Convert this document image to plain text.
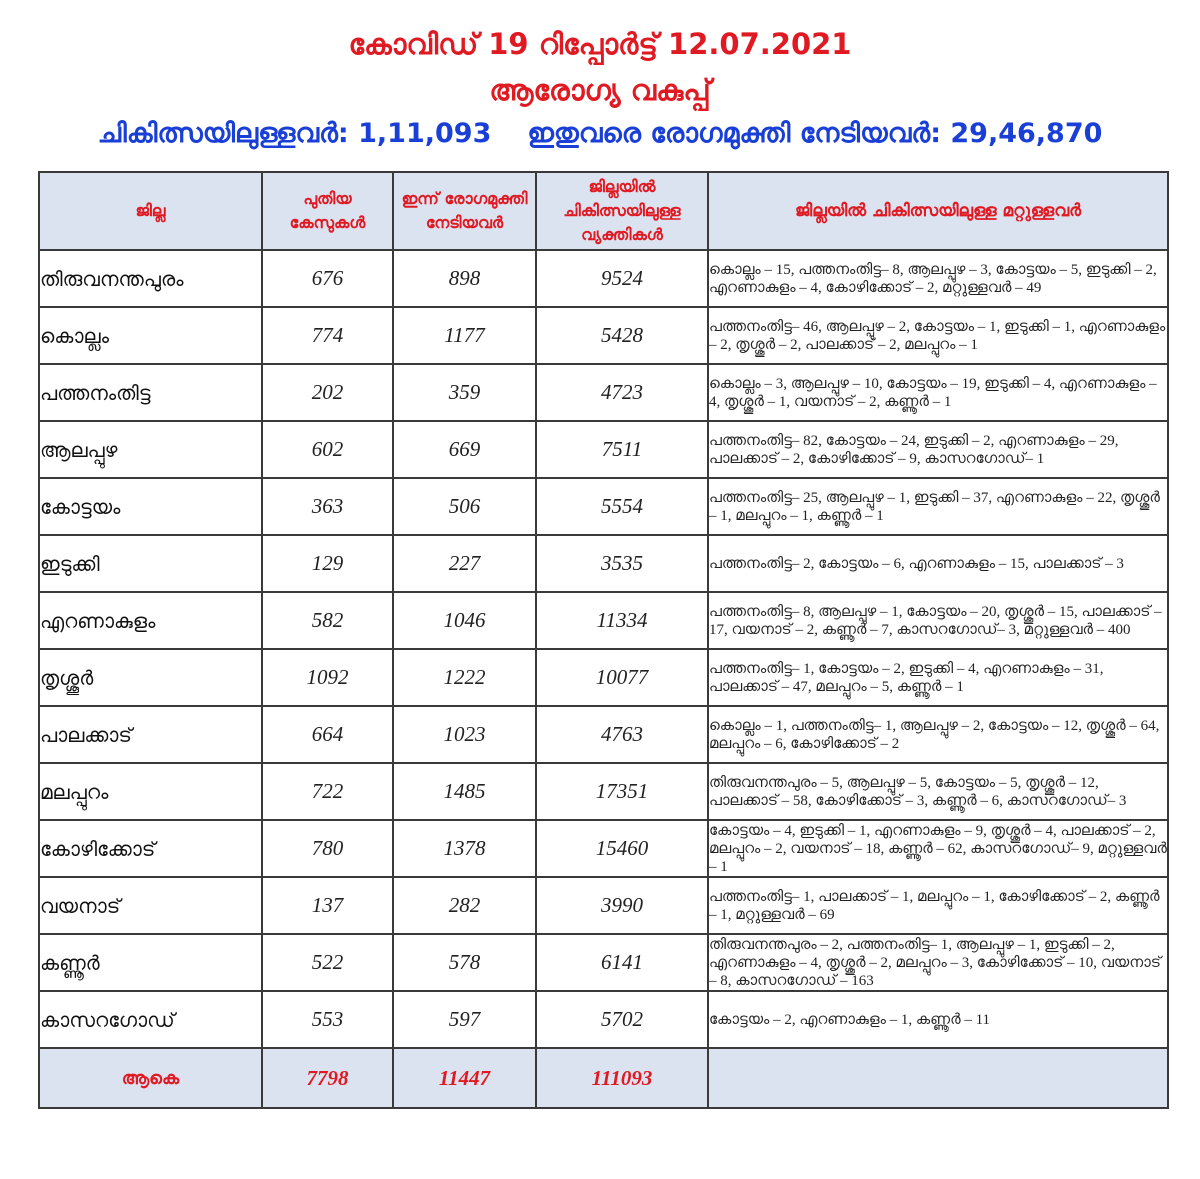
കോവിഡ് 19 റിപ്പോർട്ട് 12.07.2021
ആരോഗ്യ വകുപ്പ്
ചികിത്സയിലുള്ളവർ: 1,11,093 ഇതുവരെ രോഗമുക്തി നേടിയവർ: 29,46,870
ജില്ല	പുതിയ കേസുകൾ	ഇന്ന് രോഗമുക്തി നേടിയവർ	ജില്ലയിൽ ചികിത്സയിലുള്ള വ്യക്തികൾ	ജില്ലയിൽ ചികിത്സയിലുള്ള മറ്റുള്ളവർ
തിരുവനന്തപുരം	676	898	9524	കൊല്ലം – 15, പത്തനംതിട്ട– 8, ആലപ്പുഴ – 3, കോട്ടയം – 5, ഇടുക്കി – 2, എറണാകുളം – 4, കോഴിക്കോട് – 2, മറ്റുള്ളവർ – 49
കൊല്ലം	774	1177	5428	പത്തനംതിട്ട– 46, ആലപ്പുഴ – 2, കോട്ടയം – 1, ഇടുക്കി – 1, എറണാകുളം – 2, തൃശ്ശൂർ – 2, പാലക്കാട് – 2, മലപ്പുറം – 1
പത്തനംതിട്ട	202	359	4723	കൊല്ലം – 3, ആലപ്പുഴ – 10, കോട്ടയം – 19, ഇടുക്കി – 4, എറണാകുളം – 4, തൃശ്ശൂർ – 1, വയനാട് – 2, കണ്ണൂർ – 1
ആലപ്പുഴ	602	669	7511	പത്തനംതിട്ട– 82, കോട്ടയം – 24, ഇടുക്കി – 2, എറണാകുളം – 29, പാലക്കാട് – 2, കോഴിക്കോട് – 9, കാസറഗോഡ്– 1
കോട്ടയം	363	506	5554	പത്തനംതിട്ട– 25, ആലപ്പുഴ – 1, ഇടുക്കി – 37, എറണാകുളം – 22, തൃശ്ശൂർ – 1, മലപ്പുറം – 1, കണ്ണൂർ – 1
ഇടുക്കി	129	227	3535	പത്തനംതിട്ട– 2, കോട്ടയം – 6, എറണാകുളം – 15, പാലക്കാട് – 3
എറണാകുളം	582	1046	11334	പത്തനംതിട്ട– 8, ആലപ്പുഴ – 1, കോട്ടയം – 20, തൃശ്ശൂർ – 15, പാലക്കാട് – 17, വയനാട് – 2, കണ്ണൂർ – 7, കാസറഗോഡ്– 3, മറ്റുള്ളവർ – 400
തൃശ്ശൂർ	1092	1222	10077	പത്തനംതിട്ട– 1, കോട്ടയം – 2, ഇടുക്കി – 4, എറണാകുളം – 31, പാലക്കാട് – 47, മലപ്പുറം – 5, കണ്ണൂർ – 1
പാലക്കാട്	664	1023	4763	കൊല്ലം – 1, പത്തനംതിട്ട– 1, ആലപ്പുഴ – 2, കോട്ടയം – 12, തൃശ്ശൂർ – 64, മലപ്പുറം – 6, കോഴിക്കോട് – 2
മലപ്പുറം	722	1485	17351	തിരുവനന്തപുരം – 5, ആലപ്പുഴ – 5, കോട്ടയം – 5, തൃശ്ശൂർ – 12, പാലക്കാട് – 58, കോഴിക്കോട് – 3, കണ്ണൂർ – 6, കാസറഗോഡ്– 3
കോഴിക്കോട്	780	1378	15460	കോട്ടയം – 4, ഇടുക്കി – 1, എറണാകുളം – 9, തൃശ്ശൂർ – 4, പാലക്കാട് – 2, മലപ്പുറം – 2, വയനാട് – 18, കണ്ണൂർ – 62, കാസറഗോഡ്– 9, മറ്റുള്ളവർ – 1
വയനാട്	137	282	3990	പത്തനംതിട്ട– 1, പാലക്കാട് – 1, മലപ്പുറം – 1, കോഴിക്കോട് – 2, കണ്ണൂർ – 1, മറ്റുള്ളവർ – 69
കണ്ണൂർ	522	578	6141	തിരുവനന്തപുരം – 2, പത്തനംതിട്ട– 1, ആലപ്പുഴ – 1, ഇടുക്കി – 2, എറണാകുളം – 4, തൃശ്ശൂർ – 2, മലപ്പുറം – 3, കോഴിക്കോട് – 10, വയനാട് – 8, കാസറഗോഡ് – 163
കാസറഗോഡ്	553	597	5702	കോട്ടയം – 2, എറണാകുളം – 1, കണ്ണൂർ – 11
ആകെ	7798	11447	111093	
